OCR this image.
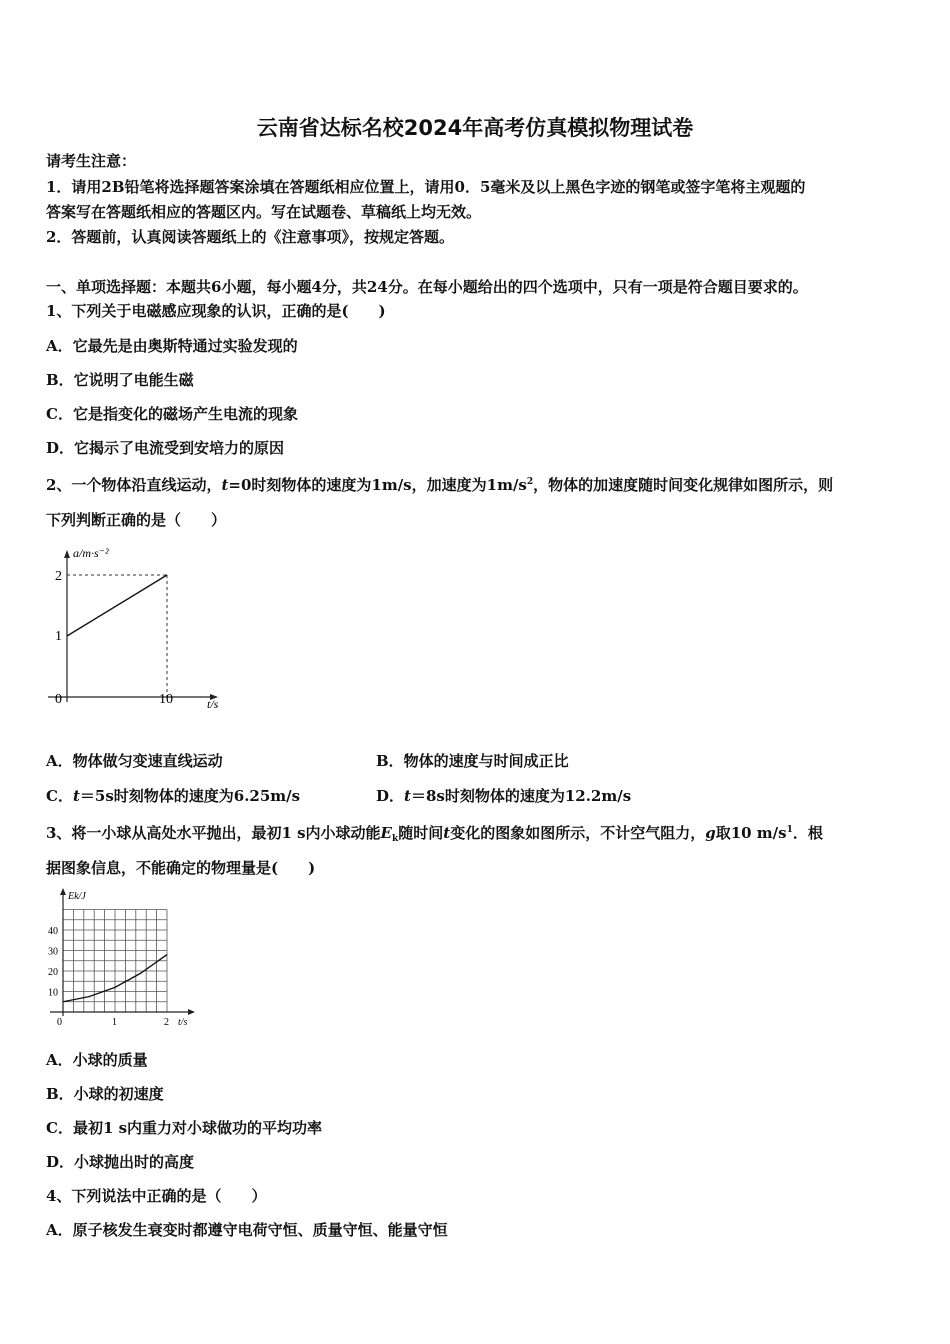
云南省达标名校2024年高考仿真模拟物理试卷
请考生注意：
1．请用2B铅笔将选择题答案涂填在答题纸相应位置上，请用0．5毫米及以上黑色字迹的钢笔或签字笔将主观题的
答案写在答题纸相应的答题区内。写在试题卷、草稿纸上均无效。
2．答题前，认真阅读答题纸上的《注意事项》，按规定答题。
一、单项选择题：本题共6小题，每小题4分，共24分。在每小题给出的四个选项中，只有一项是符合题目要求的。
1、下列关于电磁感应现象的认识，正确的是(　　)
A．它最先是由奥斯特通过实验发现的
B．它说明了电能生磁
C．它是指变化的磁场产生电流的现象
D．它揭示了电流受到安培力的原因
2、一个物体沿直线运动，t=0时刻物体的速度为1m/s，加速度为$1m/s^2$，物体的加速度随时间变化规律如图所示，则
下列判断正确的是（　　）
1
2
0	10
a/m·s⁻²
t/s
A．物体做匀变速直线运动	B．物体的速度与时间成正比
C．t＝5s时刻物体的速度为6.25m/s	D．t＝8s时刻物体的速度为12.2m/s
3、将一小球从高处水平抛出，最初1 s内小球动能$E_k$随时间t变化的图象如图所示，不计空气阻力，g取10 $m/s^1$．根
据图象信息，不能确定的物理量是(　　)
10
20
30
40
0	1	2
Ek/J
t/s
A．小球的质量
B．小球的初速度
C．最初1 s内重力对小球做功的平均功率
D．小球抛出时的高度
4、下列说法中正确的是（　　）
A．原子核发生衰变时都遵守电荷守恒、质量守恒、能量守恒
